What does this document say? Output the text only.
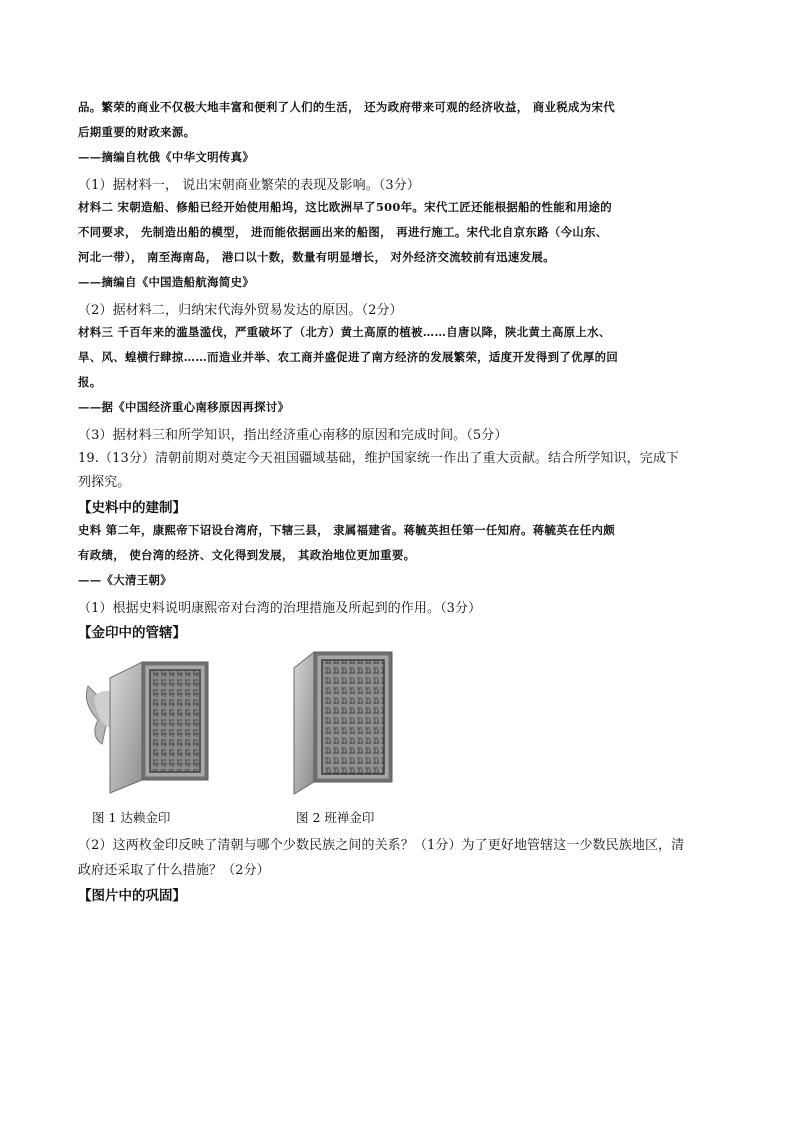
品。繁荣的商业不仅极大地丰富和便利了人们的生活， 还为政府带来可观的经济收益， 商业税成为宋代
后期重要的财政来源。
——摘编自枕俄《中华文明传真》
（1）据材料一， 说出宋朝商业繁荣的表现及影响。（3分）
材料二 宋朝造船、修船已经开始使用船坞，这比欧洲早了500年。宋代工匠还能根据船的性能和用途的
不同要求， 先制造出船的模型， 进而能依据画出来的船图， 再进行施工。宋代北自京东路（今山东、
河北一带）， 南至海南岛， 港口以十数，数量有明显增长， 对外经济交流较前有迅速发展。
——摘编自《中国造船航海简史》
（2）据材料二，归纳宋代海外贸易发达的原因。（2分）
材料三 千百年来的滥垦滥伐，严重破坏了（北方）黄土高原的植被……自唐以降，陕北黄土高原上水、
旱、风、蝗横行肆掠……而造业并举、农工商并盛促进了南方经济的发展繁荣，适度开发得到了优厚的回
报。
——据《中国经济重心南移原因再探讨》
（3）据材料三和所学知识，指出经济重心南移的原因和完成时间。（5分）
19.（13分）清朝前期对奠定今天祖国疆域基础，维护国家统一作出了重大贡献。结合所学知识，完成下
列探究。
【史料中的建制】
史料 第二年，康熙帝下诏设台湾府，下辖三县， 隶属福建省。蒋毓英担任第一任知府。蒋毓英在任内颇
有政绩， 使台湾的经济、文化得到发展， 其政治地位更加重要。
——《大清王朝》
（1）根据史料说明康熙帝对台湾的治理措施及所起到的作用。（3分）
【金印中的管辖】
图 1 达赖金印	图 2 班禅金印
（2）这两枚金印反映了清朝与哪个少数民族之间的关系？（1分）为了更好地管辖这一少数民族地区，清
政府还采取了什么措施？（2分）
【图片中的巩固】
